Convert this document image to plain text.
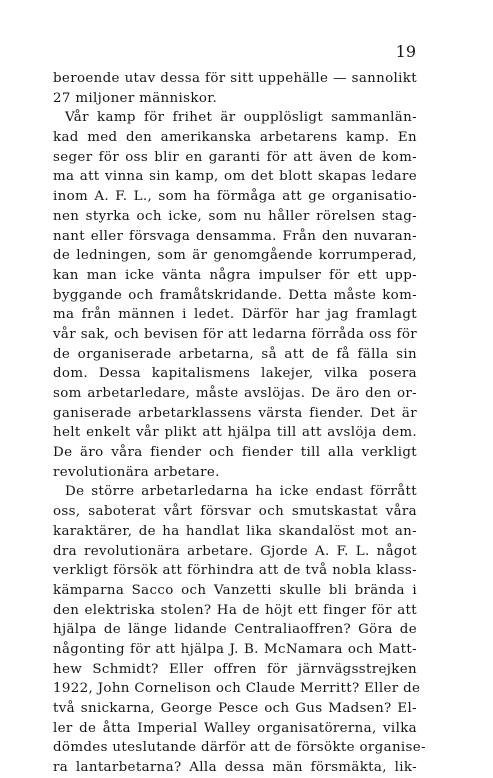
19
beroende utav dessa för sitt uppehälle — sannolikt
27 miljoner människor.
Vår kamp för frihet är oupplösligt sammanlän-
kad med den amerikanska arbetarens kamp. En
seger för oss blir en garanti för att även de kom-
ma att vinna sin kamp, om det blott skapas ledare
inom A. F. L., som ha förmåga att ge organisatio-
nen styrka och icke, som nu håller rörelsen stag-
nant eller försvaga densamma. Från den nuvaran-
de ledningen, som är genomgående korrumperad,
kan man icke vänta några impulser för ett upp-
byggande och framåtskridande. Detta måste kom-
ma från männen i ledet. Därför har jag framlagt
vår sak, och bevisen för att ledarna förråda oss för
de organiserade arbetarna, så att de få fälla sin
dom. Dessa kapitalismens lakejer, vilka posera
som arbetarledare, måste avslöjas. De äro den or-
ganiserade arbetarklassens värsta fiender. Det är
helt enkelt vår plikt att hjälpa till att avslöja dem.
De äro våra fiender och fiender till alla verkligt
revolutionära arbetare.
De större arbetarledarna ha icke endast förrått
oss, saboterat vårt försvar och smutskastat våra
karaktärer, de ha handlat lika skandalöst mot an-
dra revolutionära arbetare. Gjorde A. F. L. något
verkligt försök att förhindra att de två nobla klass-
kämparna Sacco och Vanzetti skulle bli brända i
den elektriska stolen? Ha de höjt ett finger för att
hjälpa de länge lidande Centraliaoffren? Göra de
någonting för att hjälpa J. B. McNamara och Matt-
hew Schmidt? Eller offren för järnvägsstrejken
1922, John Cornelison och Claude Merritt? Eller de
två snickarna, George Pesce och Gus Madsen? El-
ler de åtta Imperial Walley organisatörerna, vilka
dömdes uteslutande därför att de försökte organise-
ra lantarbetarna? Alla dessa män försmäkta, lik-
